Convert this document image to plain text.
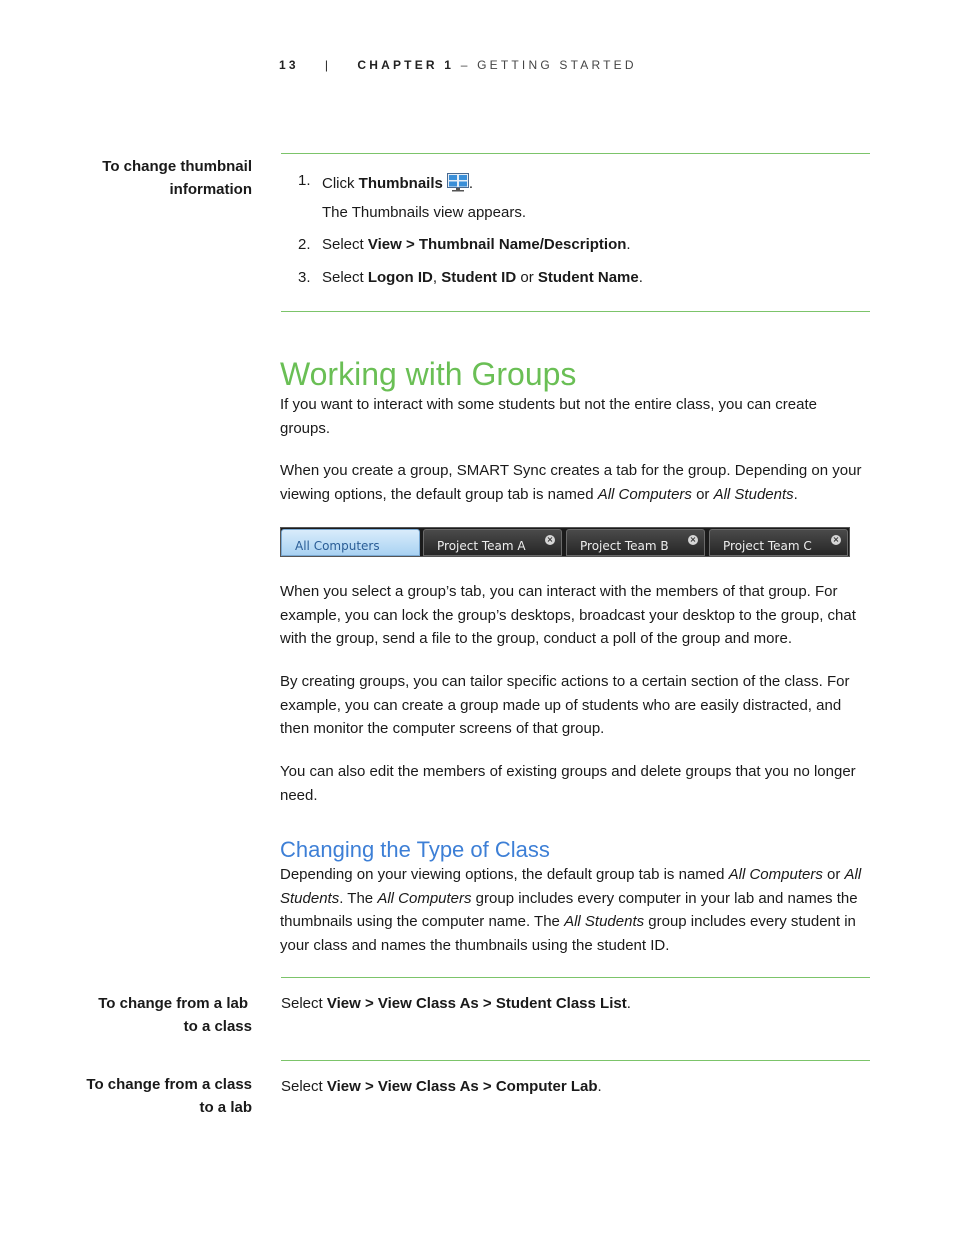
13 | CHAPTER 1 – GETTING STARTED
To change thumbnail
information
1. Click Thumbnails .
The Thumbnails view appears.
2. Select View > Thumbnail Name/Description.
3. Select Logon ID, Student ID or Student Name.
Working with Groups
If you want to interact with some students but not the entire class, you can create groups.
When you create a group, SMART Sync creates a tab for the group. Depending on your viewing options, the default group tab is named All Computers or All Students.
All Computers	Project Team A	×	Project Team B	×	Project Team C	×
When you select a group’s tab, you can interact with the members of that group. For example, you can lock the group’s desktops, broadcast your desktop to the group, chat with the group, send a file to the group, conduct a poll of the group and more.
By creating groups, you can tailor specific actions to a certain section of the class. For example, you can create a group made up of students who are easily distracted, and then monitor the computer screens of that group.
You can also edit the members of existing groups and delete groups that you no longer need.
Changing the Type of Class
Depending on your viewing options, the default group tab is named All Computers or All Students. The All Computers group includes every computer in your lab and names the thumbnails using the computer name. The All Students group includes every student in your class and names the thumbnails using the student ID.
To change from a lab
to a class
Select View > View Class As > Student Class List.
To change from a class
to a lab
Select View > View Class As > Computer Lab.
